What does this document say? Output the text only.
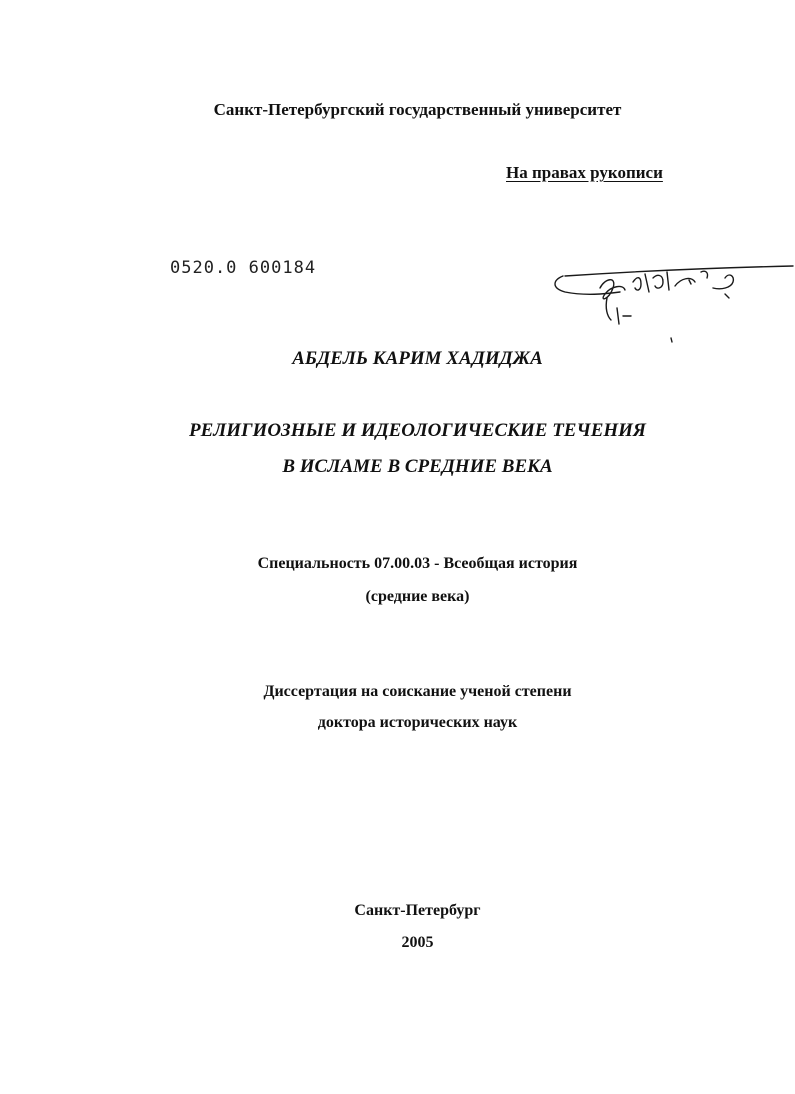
Санкт-Петербургский государственный университет
На правах рукописи
0520.0 600184
АБДЕЛЬ КАРИМ ХАДИДЖА
РЕЛИГИОЗНЫЕ И ИДЕОЛОГИЧЕСКИЕ ТЕЧЕНИЯ
В ИСЛАМЕ В СРЕДНИЕ ВЕКА
Специальность 07.00.03 - Всеобщая история
(средние века)
Диссертация на соискание ученой степени
доктора исторических наук
Санкт-Петербург
2005
